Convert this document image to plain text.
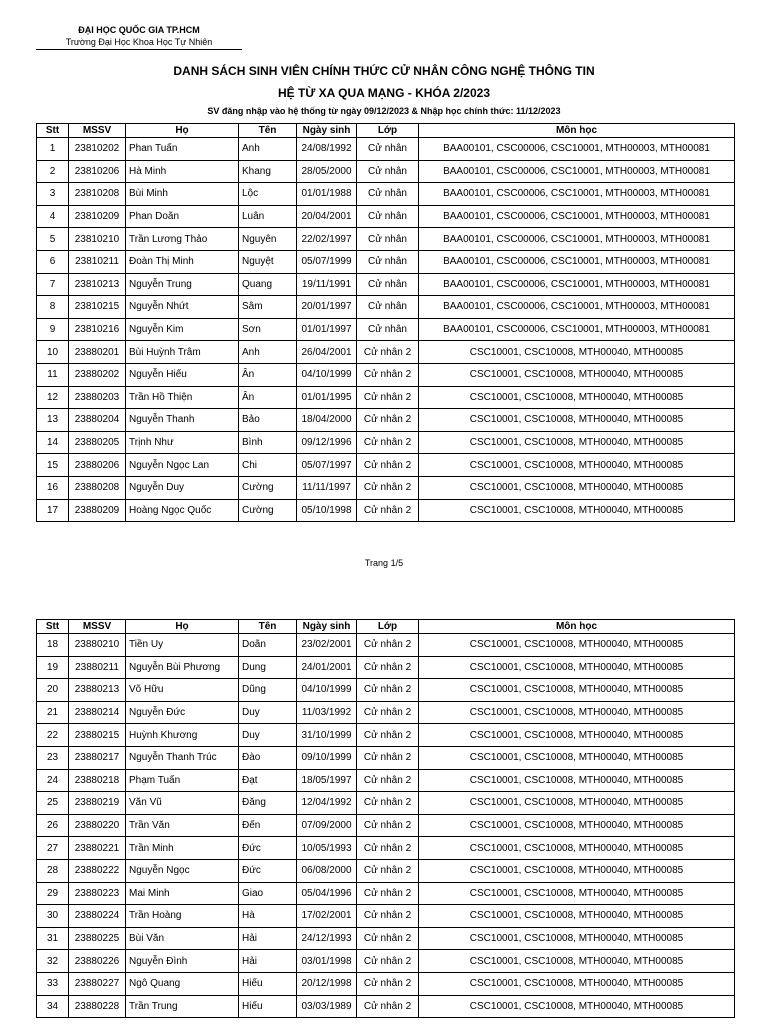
ĐẠI HỌC QUỐC GIA TP.HCM
Trường Đại Học Khoa Học Tự Nhiên
DANH SÁCH SINH VIÊN CHÍNH THỨC CỬ NHÂN CÔNG NGHỆ THÔNG TIN
HỆ TỪ XA QUA MẠNG - KHÓA 2/2023
SV đăng nhập vào hệ thống từ ngày 09/12/2023 & Nhập học chính thức: 11/12/2023
Stt	MSSV	Họ	Tên	Ngày sinh	Lớp	Môn học
1	23810202	Phan Tuấn	Anh	24/08/1992	Cử nhân	BAA00101, CSC00006, CSC10001, MTH00003, MTH00081
2	23810206	Hà Minh	Khang	28/05/2000	Cử nhân	BAA00101, CSC00006, CSC10001, MTH00003, MTH00081
3	23810208	Bùi Minh	Lộc	01/01/1988	Cử nhân	BAA00101, CSC00006, CSC10001, MTH00003, MTH00081
4	23810209	Phan Doãn	Luân	20/04/2001	Cử nhân	BAA00101, CSC00006, CSC10001, MTH00003, MTH00081
5	23810210	Trần Lương Thảo	Nguyên	22/02/1997	Cử nhân	BAA00101, CSC00006, CSC10001, MTH00003, MTH00081
6	23810211	Đoàn Thị Minh	Nguyệt	05/07/1999	Cử nhân	BAA00101, CSC00006, CSC10001, MTH00003, MTH00081
7	23810213	Nguyễn Trung	Quang	19/11/1991	Cử nhân	BAA00101, CSC00006, CSC10001, MTH00003, MTH00081
8	23810215	Nguyễn Nhứt	Sâm	20/01/1997	Cử nhân	BAA00101, CSC00006, CSC10001, MTH00003, MTH00081
9	23810216	Nguyễn Kim	Sơn	01/01/1997	Cử nhân	BAA00101, CSC00006, CSC10001, MTH00003, MTH00081
10	23880201	Bùi Huỳnh Trâm	Anh	26/04/2001	Cử nhân 2	CSC10001, CSC10008, MTH00040, MTH00085
11	23880202	Nguyễn Hiếu	Ân	04/10/1999	Cử nhân 2	CSC10001, CSC10008, MTH00040, MTH00085
12	23880203	Trần Hồ Thiện	Ân	01/01/1995	Cử nhân 2	CSC10001, CSC10008, MTH00040, MTH00085
13	23880204	Nguyễn Thanh	Bảo	18/04/2000	Cử nhân 2	CSC10001, CSC10008, MTH00040, MTH00085
14	23880205	Trịnh Như	Bình	09/12/1996	Cử nhân 2	CSC10001, CSC10008, MTH00040, MTH00085
15	23880206	Nguyễn Ngọc Lan	Chi	05/07/1997	Cử nhân 2	CSC10001, CSC10008, MTH00040, MTH00085
16	23880208	Nguyễn Duy	Cường	11/11/1997	Cử nhân 2	CSC10001, CSC10008, MTH00040, MTH00085
17	23880209	Hoàng Ngọc Quốc	Cường	05/10/1998	Cử nhân 2	CSC10001, CSC10008, MTH00040, MTH00085
Trang 1/5
Stt	MSSV	Họ	Tên	Ngày sinh	Lớp	Môn học
18	23880210	Tiền Uy	Doãn	23/02/2001	Cử nhân 2	CSC10001, CSC10008, MTH00040, MTH00085
19	23880211	Nguyễn Bùi Phương	Dung	24/01/2001	Cử nhân 2	CSC10001, CSC10008, MTH00040, MTH00085
20	23880213	Võ Hữu	Dũng	04/10/1999	Cử nhân 2	CSC10001, CSC10008, MTH00040, MTH00085
21	23880214	Nguyễn Đức	Duy	11/03/1992	Cử nhân 2	CSC10001, CSC10008, MTH00040, MTH00085
22	23880215	Huỳnh Khương	Duy	31/10/1999	Cử nhân 2	CSC10001, CSC10008, MTH00040, MTH00085
23	23880217	Nguyễn Thanh Trúc	Đào	09/10/1999	Cử nhân 2	CSC10001, CSC10008, MTH00040, MTH00085
24	23880218	Phạm Tuấn	Đạt	18/05/1997	Cử nhân 2	CSC10001, CSC10008, MTH00040, MTH00085
25	23880219	Văn Vũ	Đăng	12/04/1992	Cử nhân 2	CSC10001, CSC10008, MTH00040, MTH00085
26	23880220	Trần Văn	Đến	07/09/2000	Cử nhân 2	CSC10001, CSC10008, MTH00040, MTH00085
27	23880221	Trần Minh	Đức	10/05/1993	Cử nhân 2	CSC10001, CSC10008, MTH00040, MTH00085
28	23880222	Nguyễn Ngọc	Đức	06/08/2000	Cử nhân 2	CSC10001, CSC10008, MTH00040, MTH00085
29	23880223	Mai Minh	Giao	05/04/1996	Cử nhân 2	CSC10001, CSC10008, MTH00040, MTH00085
30	23880224	Trần Hoàng	Hà	17/02/2001	Cử nhân 2	CSC10001, CSC10008, MTH00040, MTH00085
31	23880225	Bùi Văn	Hải	24/12/1993	Cử nhân 2	CSC10001, CSC10008, MTH00040, MTH00085
32	23880226	Nguyễn Đình	Hải	03/01/1998	Cử nhân 2	CSC10001, CSC10008, MTH00040, MTH00085
33	23880227	Ngô Quang	Hiếu	20/12/1998	Cử nhân 2	CSC10001, CSC10008, MTH00040, MTH00085
34	23880228	Trần Trung	Hiếu	03/03/1989	Cử nhân 2	CSC10001, CSC10008, MTH00040, MTH00085
